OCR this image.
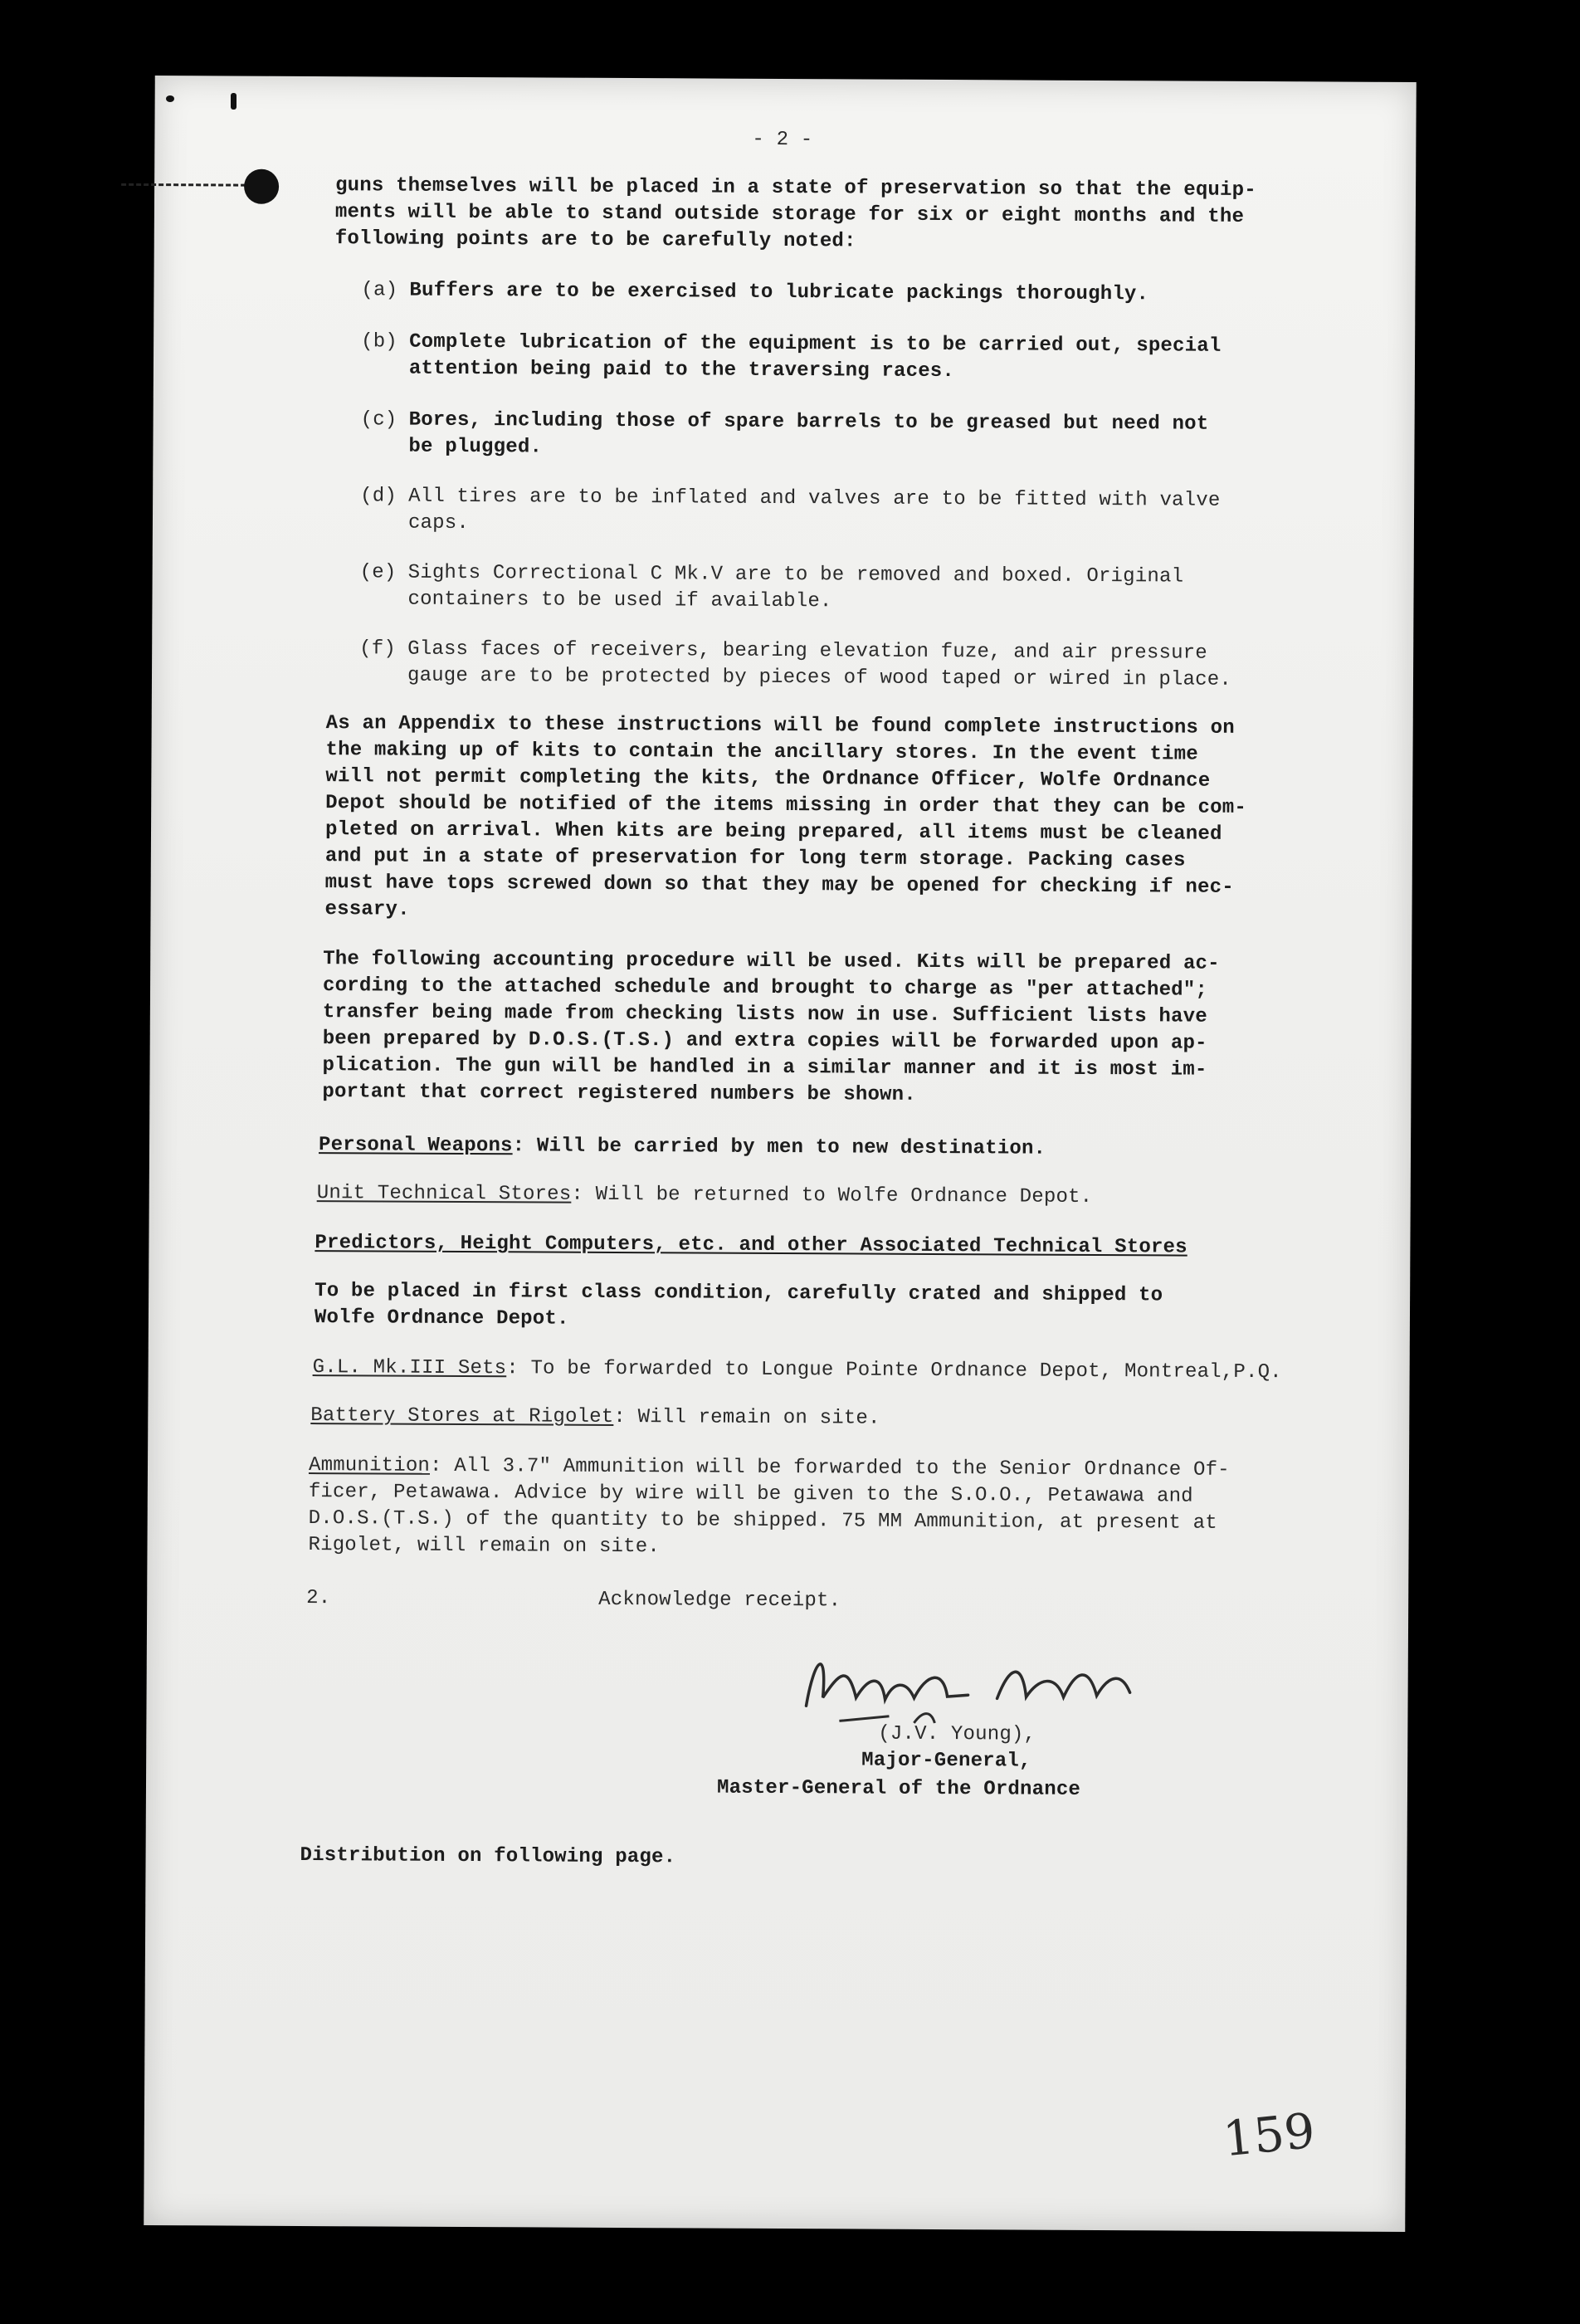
- 2 -
guns themselves will be placed in a state of preservation so that the equip-
ments will be able to stand outside storage for six or eight months and the
following points are to be carefully noted:
(a) Buffers are to be exercised to lubricate packings thoroughly.
(b) Complete lubrication of the equipment is to be carried out, special
attention being paid to the traversing races.
(c) Bores, including those of spare barrels to be greased but need not
be plugged.
(d) All tires are to be inflated and valves are to be fitted with valve
caps.
(e) Sights Correctional C Mk.V are to be removed and boxed. Original
containers to be used if available.
(f) Glass faces of receivers, bearing elevation fuze, and air pressure
gauge are to be protected by pieces of wood taped or wired in place.
As an Appendix to these instructions will be found complete instructions on
the making up of kits to contain the ancillary stores. In the event time
will not permit completing the kits, the Ordnance Officer, Wolfe Ordnance
Depot should be notified of the items missing in order that they can be com-
pleted on arrival. When kits are being prepared, all items must be cleaned
and put in a state of preservation for long term storage. Packing cases
must have tops screwed down so that they may be opened for checking if nec-
essary.
The following accounting procedure will be used. Kits will be prepared ac-
cording to the attached schedule and brought to charge as "per attached";
transfer being made from checking lists now in use. Sufficient lists have
been prepared by D.O.S.(T.S.) and extra copies will be forwarded upon ap-
plication. The gun will be handled in a similar manner and it is most im-
portant that correct registered numbers be shown.
Personal Weapons: Will be carried by men to new destination.
Unit Technical Stores: Will be returned to Wolfe Ordnance Depot.
Predictors, Height Computers, etc. and other Associated Technical Stores
To be placed in first class condition, carefully crated and shipped to
Wolfe Ordnance Depot.
G.L. Mk.III Sets: To be forwarded to Longue Pointe Ordnance Depot, Montreal,P.Q.
Battery Stores at Rigolet: Will remain on site.
Ammunition: All 3.7" Ammunition will be forwarded to the Senior Ordnance Of-
ficer, Petawawa. Advice by wire will be given to the S.O.O., Petawawa and
D.O.S.(T.S.) of the quantity to be shipped. 75 MM Ammunition, at present at
Rigolet, will remain on site.
2.	Acknowledge receipt.
(J.V. Young),
Major-General,
Master-General of the Ordnance
Distribution on following page.
159
